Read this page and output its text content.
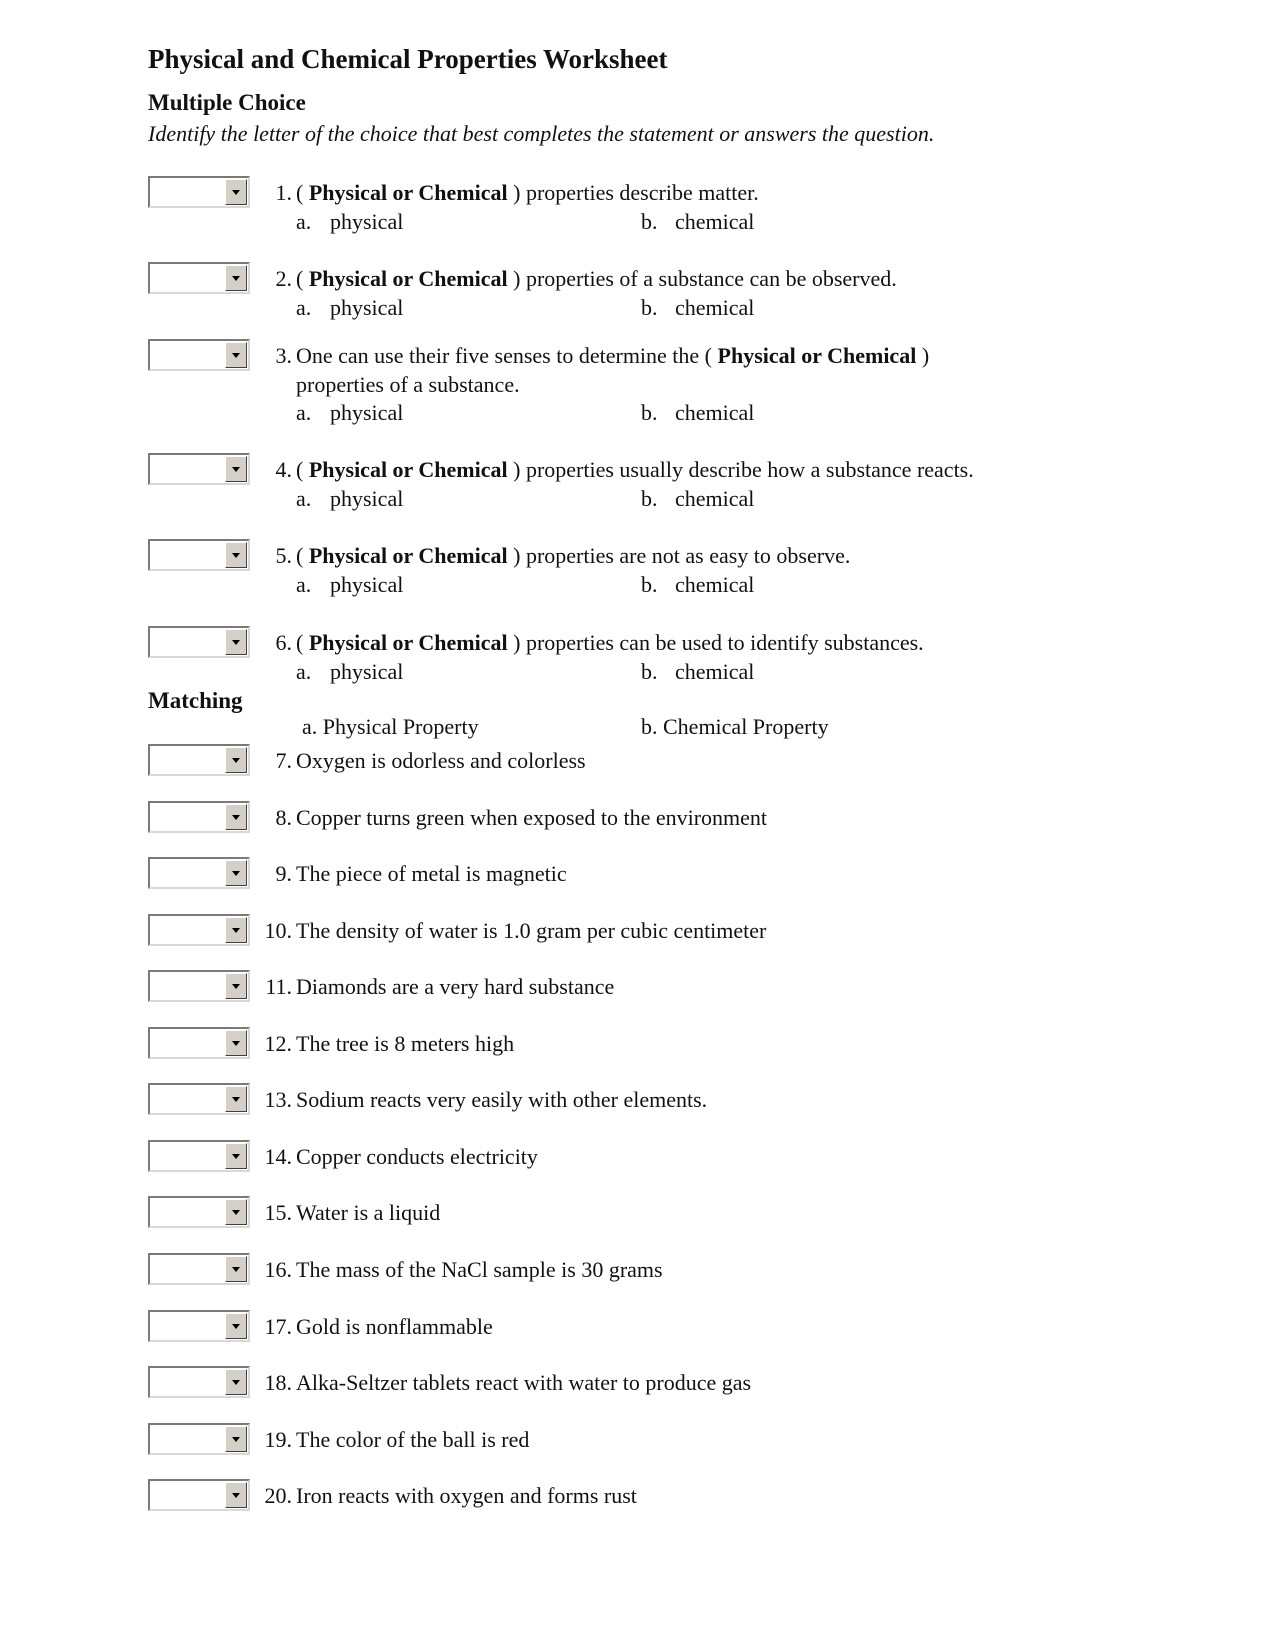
Physical and Chemical Properties Worksheet
Multiple Choice
Identify the letter of the choice that best completes the statement or answers the question.
1. ( Physical or Chemical ) properties describe matter.
a. physical	b. chemical
2. ( Physical or Chemical ) properties of a substance can be observed.
a. physical	b. chemical
3. One can use their five senses to determine the ( Physical or Chemical )
properties of a substance.
a. physical	b. chemical
4. ( Physical or Chemical ) properties usually describe how a substance reacts.
a. physical	b. chemical
5. ( Physical or Chemical ) properties are not as easy to observe.
a. physical	b. chemical
6. ( Physical or Chemical ) properties can be used to identify substances.
a. physical	b. chemical
Matching
a. Physical Property	b. Chemical Property
7. Oxygen is odorless and colorless
8. Copper turns green when exposed to the environment
9. The piece of metal is magnetic
10. The density of water is 1.0 gram per cubic centimeter
11. Diamonds are a very hard substance
12. The tree is 8 meters high
13. Sodium reacts very easily with other elements.
14. Copper conducts electricity
15. Water is a liquid
16. The mass of the NaCl sample is 30 grams
17. Gold is nonflammable
18. Alka-Seltzer tablets react with water to produce gas
19. The color of the ball is red
20. Iron reacts with oxygen and forms rust
